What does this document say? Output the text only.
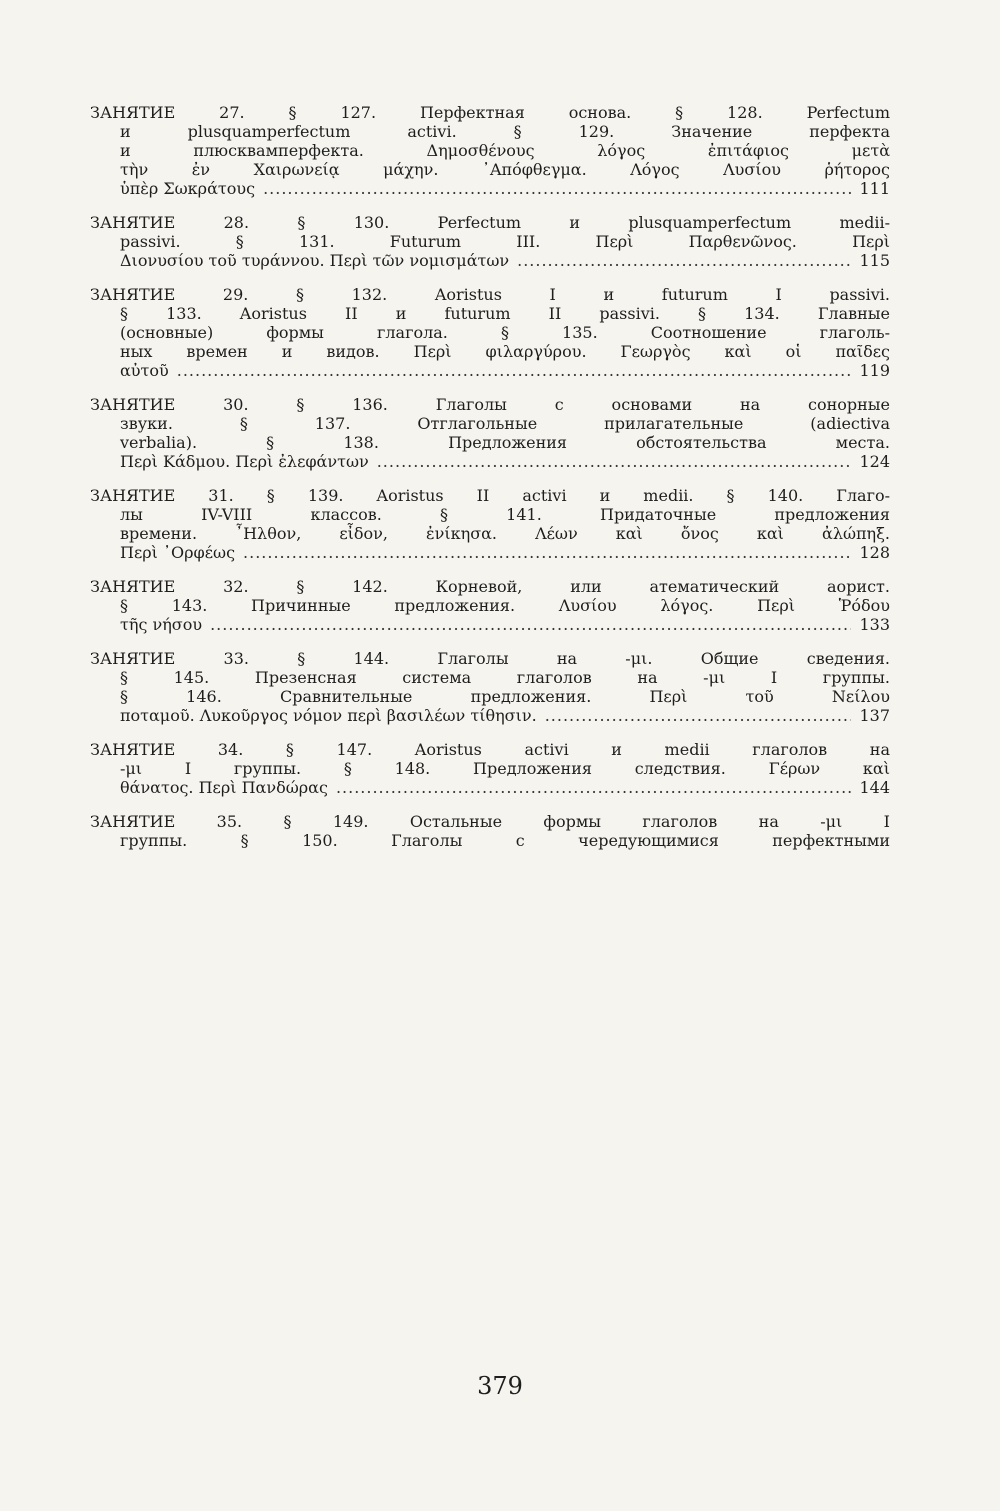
ЗАНЯТИЕ 27. § 127. Перфектная основа. § 128. Perfectum
и plusquamperfectum activi. § 129. Значение перфекта
и плюсквамперфекта. Δημοσθένους λόγος ἐπιτάφιος μετὰ
τὴν ἐν Χαιρωνείᾳ μάχην. ᾿Απόφθεγμα. Λόγος Λυσίου ῥήτορος
ὑπὲρ Σωκράτους .....	111
ЗАНЯТИЕ 28. § 130. Perfectum и plusquamperfectum medii-
passivi. § 131. Futurum III. Περὶ Παρθενῶνος. Περὶ
Διονυσίου τοῦ τυράννου. Περὶ τῶν νομισμάτων .....	115
ЗАНЯТИЕ 29. § 132. Aoristus I и futurum I passivi.
§ 133. Aoristus II и futurum II passivi. § 134. Главные
(основные) формы глагола. § 135. Соотношение глаголь-
ных времен и видов. Περὶ φιλαργύρου. Γεωργὸς καὶ οἱ παῖδες
αὐτοῦ .....	119
ЗАНЯТИЕ 30. § 136. Глаголы с основами на сонорные
звуки. § 137. Отглагольные прилагательные (adiectiva
verbalia). § 138. Предложения обстоятельства места.
Περὶ Κάδμου. Περὶ ἐλεφάντων .....	124
ЗАНЯТИЕ 31. § 139. Aoristus II activi и medii. § 140. Глаго-
лы IV-VIII классов. § 141. Придаточные предложения
времени. ῏Ηλθον, εἶδον, ἐνίκησα. Λέων καὶ ὄνος καὶ ἀλώπηξ.
Περὶ ᾿Ορφέως .....	128
ЗАНЯТИЕ 32. § 142. Корневой, или атематический аорист.
§ 143. Причинные предложения. Λυσίου λόγος. Περὶ Ῥόδου
τῆς νήσου .....	133
ЗАНЯТИЕ 33. § 144. Глаголы на -μι. Общие сведения.
§ 145. Презенсная система глаголов на -μι I группы.
§ 146. Сравнительные предложения. Περὶ τοῦ Νείλου
ποταμοῦ. Λυκοῦργος νόμον περὶ βασιλέων τίθησιν. .....	137
ЗАНЯТИЕ 34. § 147. Aoristus activi и medii глаголов на
-μι I группы. § 148. Предложения следствия. Γέρων καὶ
θάνατος. Περὶ Πανδώρας .....	144
ЗАНЯТИЕ 35. § 149. Остальные формы глаголов на -μι I
группы. § 150. Глаголы с чередующимися перфектными
379
